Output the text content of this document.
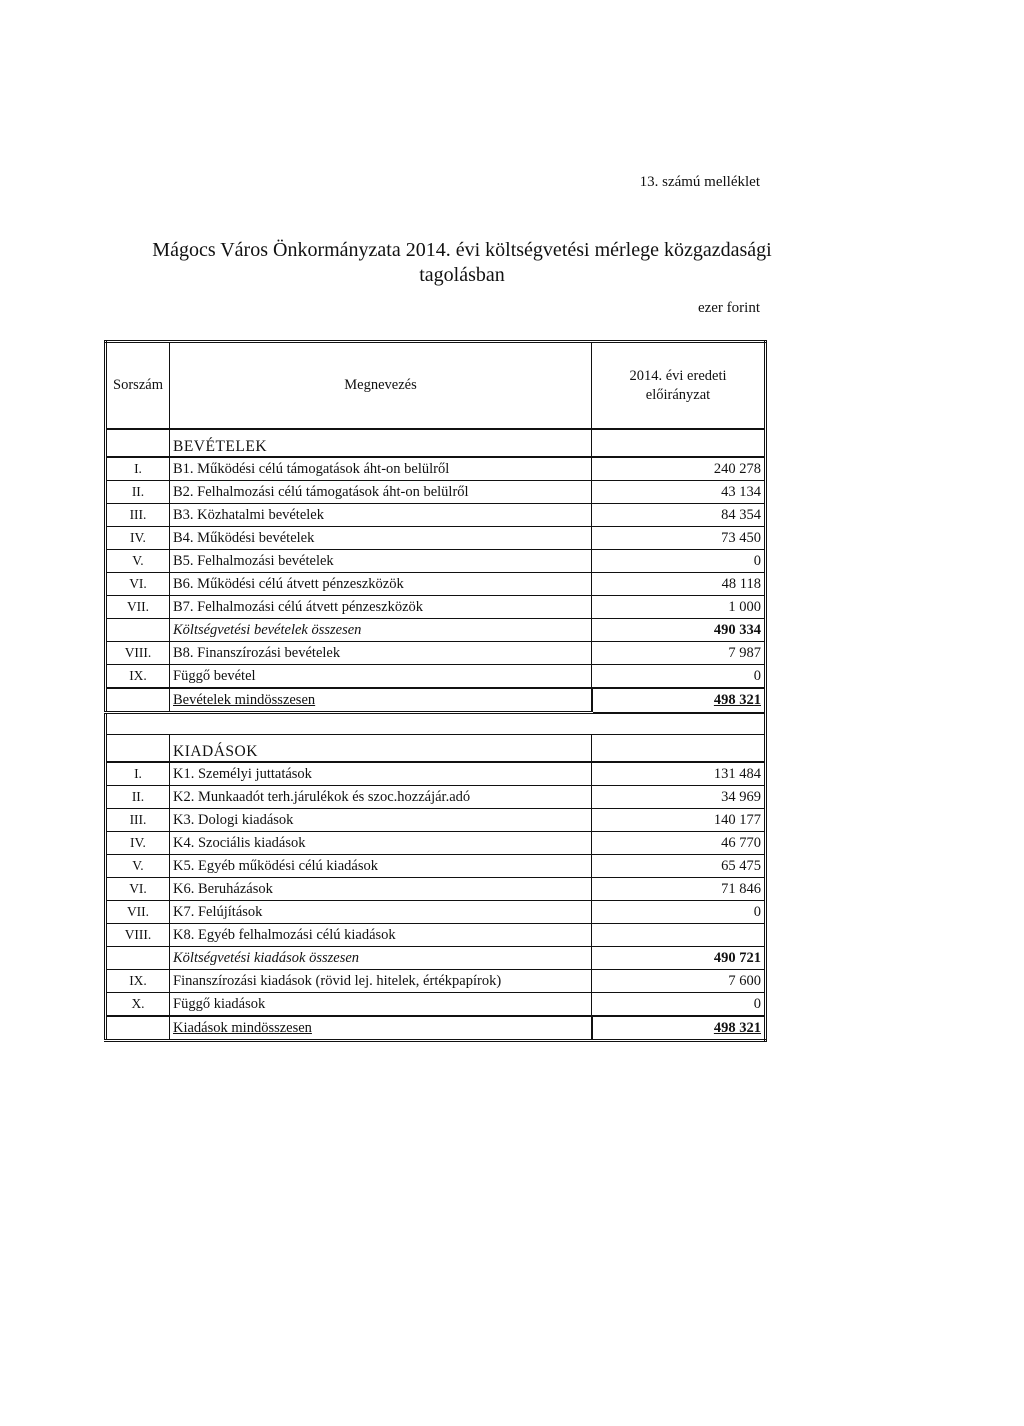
13. számú melléklet
Mágocs Város Önkormányzata 2014. évi költségvetési mérlege közgazdasági
tagolásban
ezer forint
Sorszám	Megnevezés	2014. évi eredeti
előirányzat

	BEVÉTELEK	
I.	B1. Működési célú támogatások áht-on belülről	240 278
II.	B2. Felhalmozási célú támogatások áht-on belülről	43 134
III.	B3. Közhatalmi bevételek	84 354
IV.	B4. Működési bevételek	73 450
V.	B5. Felhalmozási bevételek	0
VI.	B6. Működési célú átvett pénzeszközök	48 118
VII.	B7. Felhalmozási célú átvett pénzeszközök	1 000
	Költségvetési bevételek összesen	490 334
VIII.	B8. Finanszírozási bevételek	7 987
IX.	Függő bevétel	0
	Bevételek mindösszesen	498 321

	KIADÁSOK	
I.	K1. Személyi juttatások	131 484
II.	K2. Munkaadót terh.járulékok és szoc.hozzájár.adó	34 969
III.	K3. Dologi kiadások	140 177
IV.	K4. Szociális kiadások	46 770
V.	K5. Egyéb működési célú kiadások	65 475
VI.	K6. Beruházások	71 846
VII.	K7. Felújítások	0
VIII.	K8. Egyéb felhalmozási célú kiadások	
	Költségvetési kiadások összesen	490 721
IX.	Finanszírozási kiadások (rövid lej. hitelek, értékpapírok)	7 600
X.	Függő kiadások	0
	Kiadások mindösszesen	498 321
